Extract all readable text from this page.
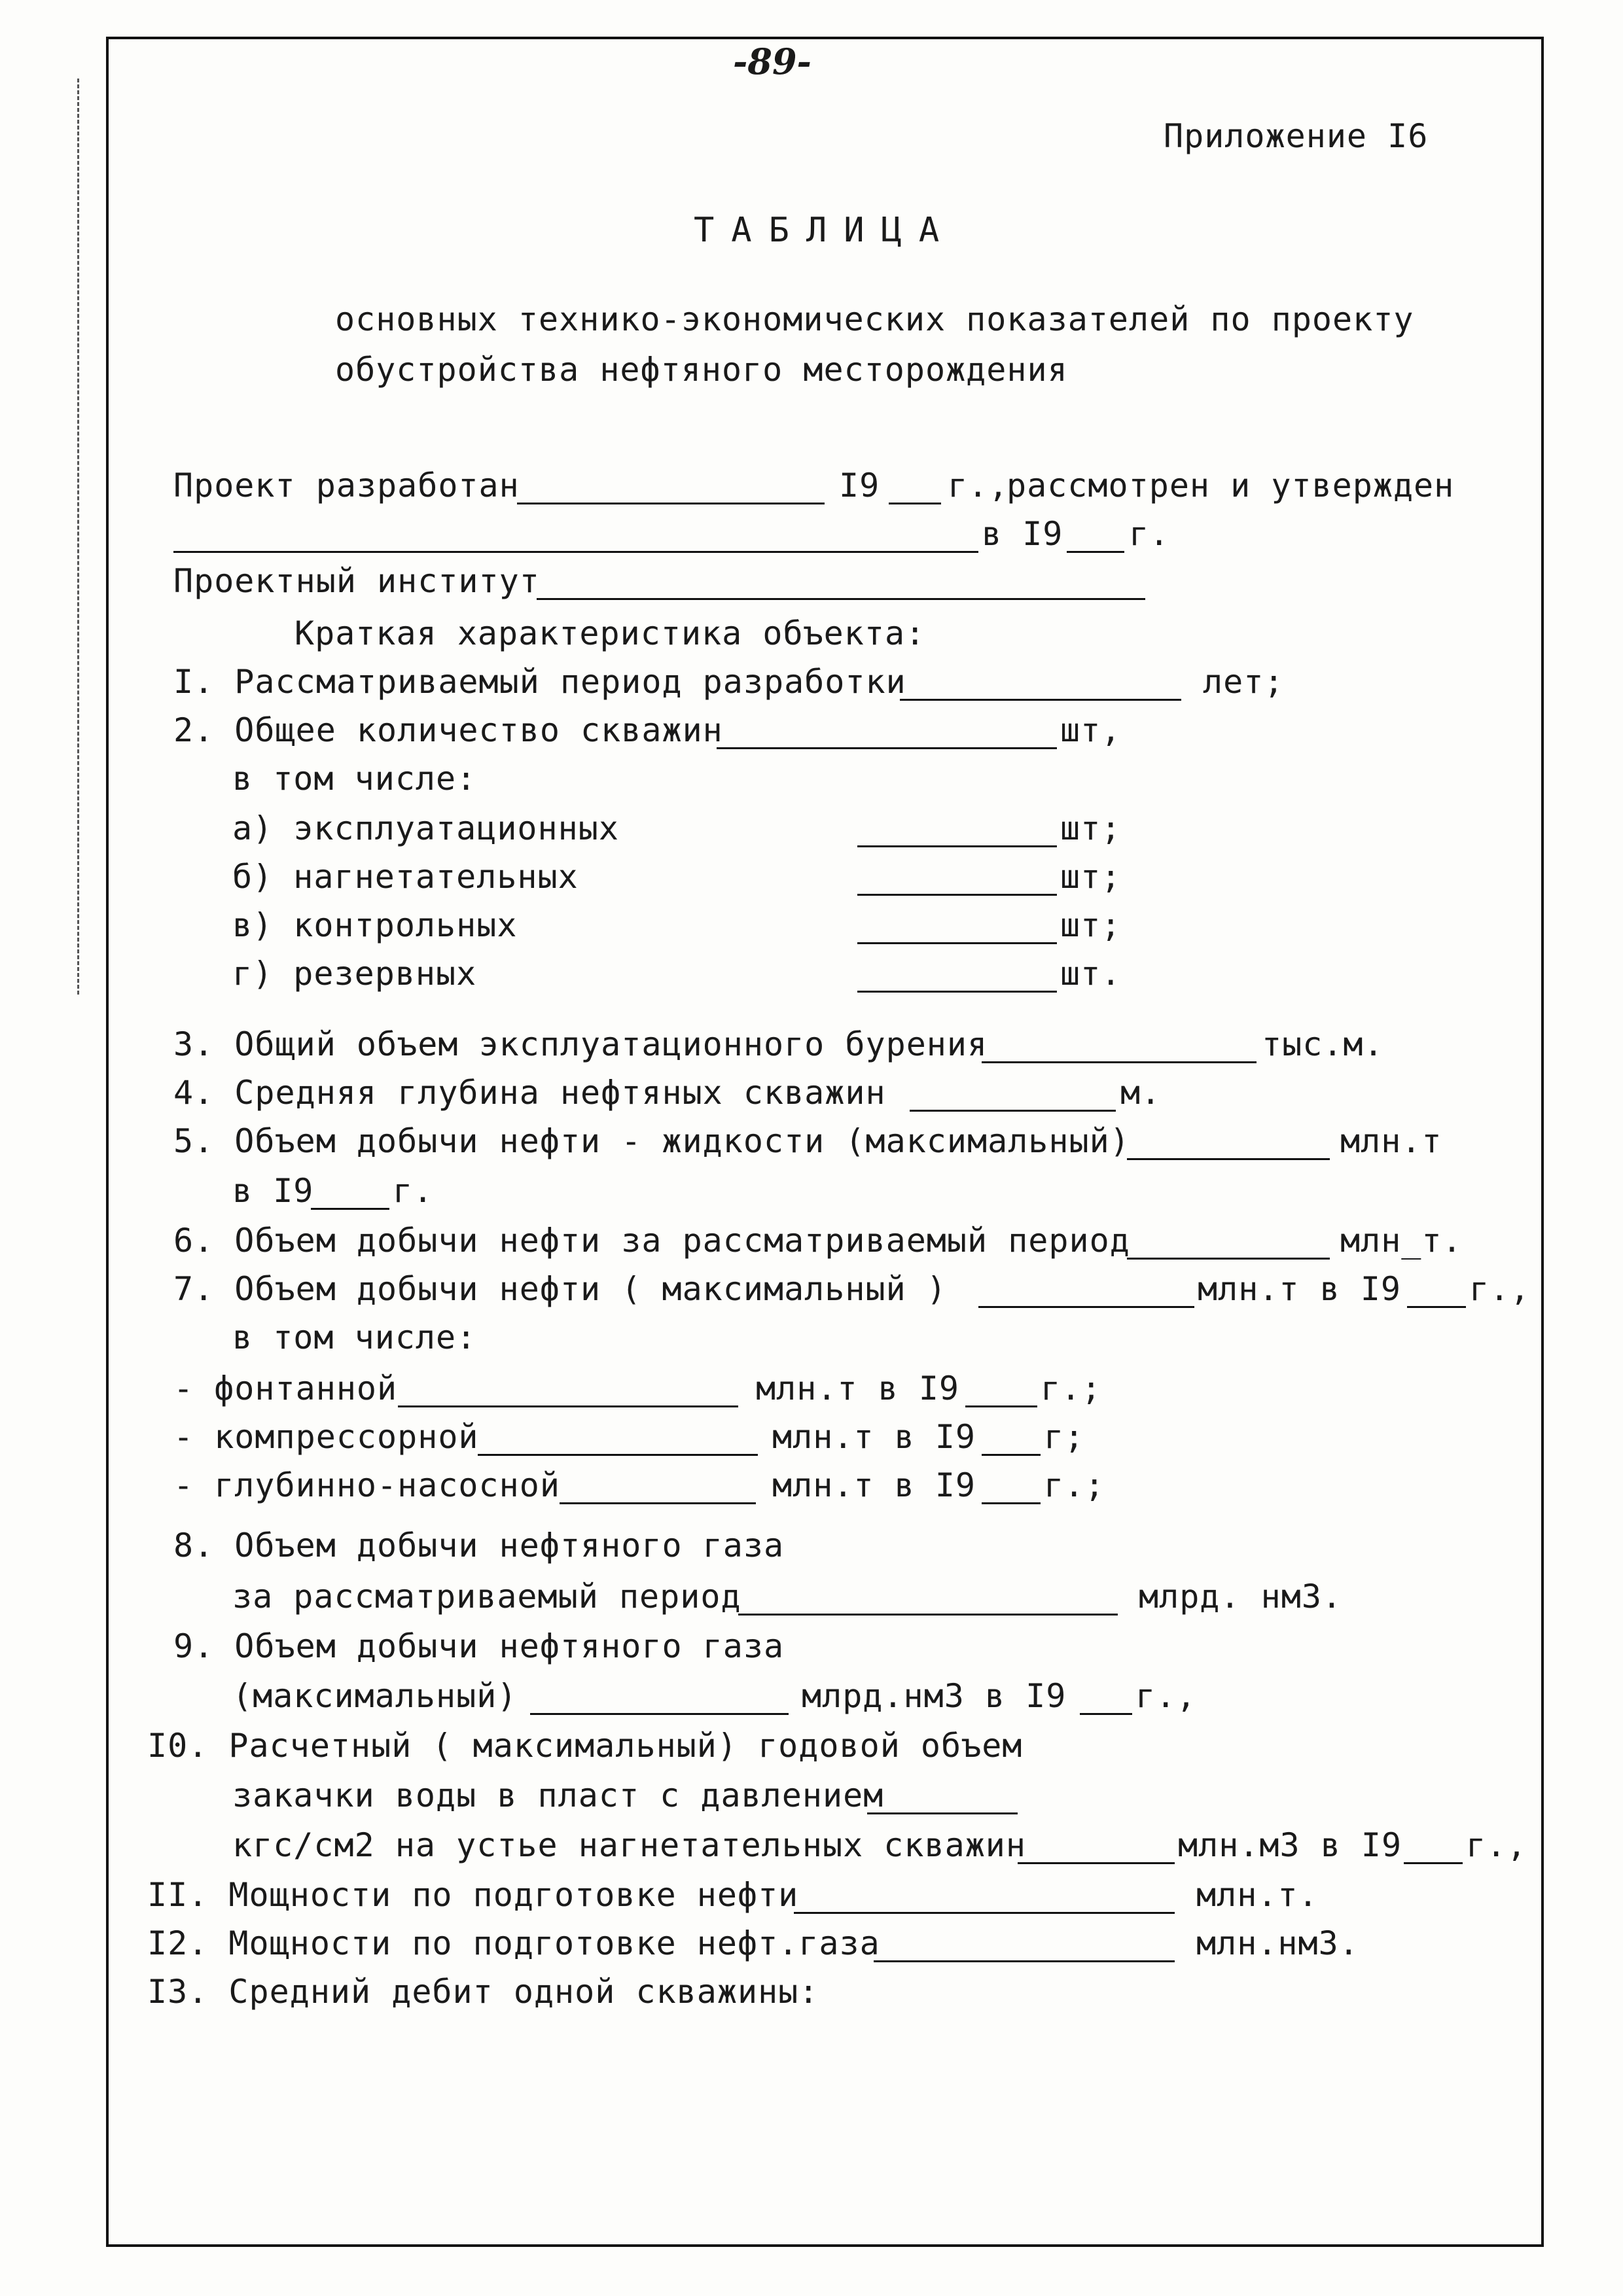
-89-
Приложение I6
ТАБЛИЦА
основных технико-экономических показателей по проекту
обустройства нефтяного месторождения
Проект разработан	I9 г.,
рассмотрен и утвержден
в I9 г.
Проектный институт
Краткая характеристика объекта:
I. Рассматриваемый период разработки	лет;
2. Общее количество скважин	шт,
в том числе:
а) эксплуатационных	шт;
б) нагнетательных	шт;
в) контрольных	шт;
г) резервных	шт.
3. Общий объем эксплуатационного бурения	тыс.м.
4. Средняя глубина нефтяных скважин	м.
5. Объем добычи нефти - жидкости (максимальный)	млн.т
в I9 г.
6. Объем добычи нефти за рассматриваемый период	млн_т.
7. Объем добычи нефти ( максимальный )	млн.т в I9 г.,
в том числе:
- фонтанной	млн.т в I9 г.;
- компрессорной	млн.т в I9 г;
- глубинно-насосной	млн.т в I9 г.;
8. Объем добычи нефтяного газа
за рассматриваемый период	млрд. нм3.
9. Объем добычи нефтяного газа
(максимальный)	млрд.нм3 в I9 г.,
I0. Расчетный ( максимальный) годовой объем
закачки воды в пласт с давлением
кгс/см2 на устье нагнетательных скважин	млн.м3 в I9 г.,
II. Мощности по подготовке нефти	млн.т.
I2. Мощности по подготовке нефт.газа	млн.нм3.
I3. Средний дебит одной скважины:
